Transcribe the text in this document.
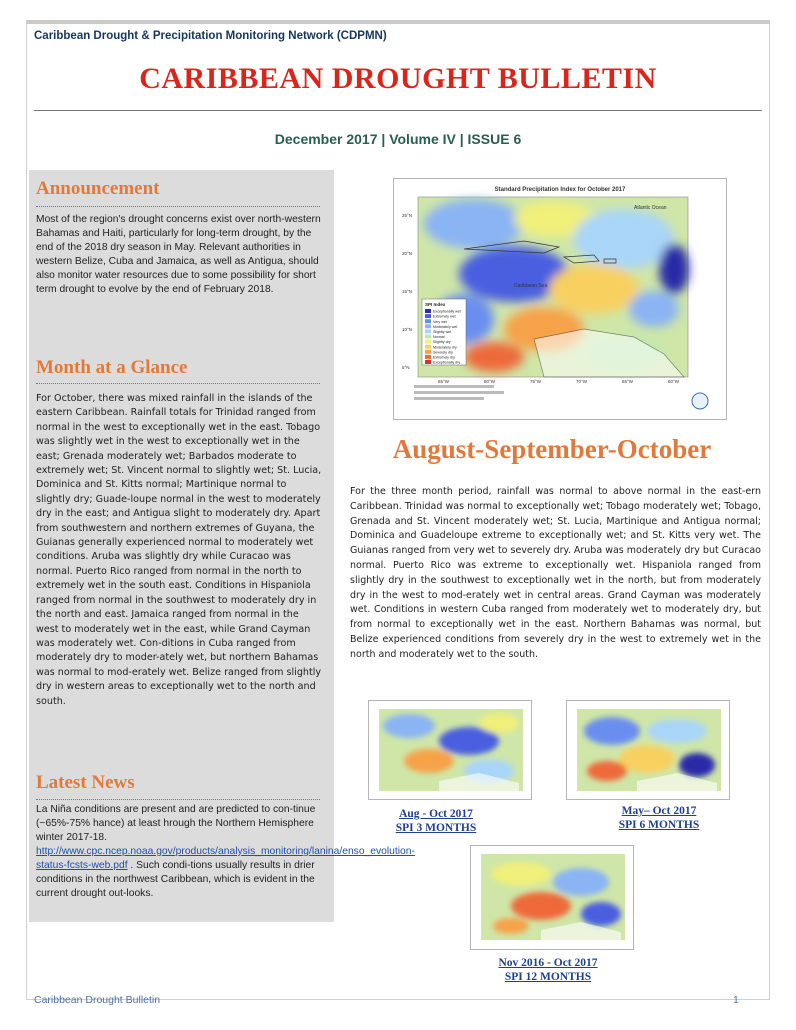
Caribbean Drought & Precipitation Monitoring Network (CDPMN)
CARIBBEAN DROUGHT BULLETIN
December 2017 | Volume IV | ISSUE 6
Announcement
Most of the region's drought concerns exist over north-western Bahamas and Haiti, particularly for long-term drought, by the end of the 2018 dry season in May. Relevant authorities in western Belize, Cuba and Jamaica, as well as Antigua, should also monitor water resources due to some possibility for short term drought to evolve by the end of February 2018.
Month at a Glance
For October, there was mixed rainfall in the islands of the eastern Caribbean. Rainfall totals for Trinidad ranged from normal in the west to exceptionally wet in the east. Tobago was slightly wet in the west to exceptionally wet in the east; Grenada moderately wet; Barbados moderate to extremely wet; St. Vincent normal to slightly wet; St. Lucia, Dominica and St. Kitts normal; Martinique normal to slightly dry; Guade-loupe normal in the west to moderately dry in the east; and Antigua slight to moderately dry. Apart from southwestern and northern extremes of Guyana, the Guianas generally experienced normal to moderately wet conditions. Aruba was slightly dry while Curacao was normal. Puerto Rico ranged from normal in the north to extremely wet in the south east. Conditions in Hispaniola ranged from normal in the southwest to moderately dry in the north and east. Jamaica ranged from normal in the west to moderately wet in the east, while Grand Cayman was moderately wet. Con-ditions in Cuba ranged from moderately dry to moder-ately wet, but northern Bahamas was normal to mod-erately wet. Belize ranged from slightly dry in western areas to exceptionally wet to the north and south.
Latest News
La Niña conditions are present and are predicted to con-tinue (~65%-75% hance) at least hrough the Northern Hemisphere winter 2017-18. http://www.cpc.ncep.noaa.gov/products/analysis_monitoring/lanina/enso_evolution-status-fcsts-web.pdf . Such condi-tions usually results in drier conditions in the northwest Caribbean, which is evident in the current drought out-looks.
Standard Precipitation Index for October 2017
Atlantic Ocean
Caribbean Sea
SPI Index
Exceptionally wet
Extremely wet
Very wet
Moderately wet
Slightly wet
Normal
Slightly dry
Moderately dry
Severely dry
Extremely dry
Exceptionally dry
85°W	80°W	75°W	70°W	65°W	60°W
25°N
20°N
15°N
10°N
5°N
August-September-October
For the three month period, rainfall was normal to above normal in the east-ern Caribbean. Trinidad was normal to exceptionally wet; Tobago moderately wet; Tobago, Grenada and St. Vincent moderately wet; St. Lucia, Martinique and Antigua normal; Dominica and Guadeloupe extreme to exceptionally wet; and St. Kitts very wet. The Guianas ranged from very wet to severely dry. Aruba was moderately dry but Curacao normal. Puerto Rico was extreme to exceptionally wet. Hispaniola ranged from slightly dry in the southwest to exceptionally wet in the north, but from moderately dry in the west to mod-erately wet in central areas. Grand Cayman was moderately wet. Conditions in western Cuba ranged from moderately wet to moderately dry, but from normal to exceptionally wet in the east. Northern Bahamas was normal, but Belize experienced conditions from severely dry in the west to extremely wet in the north and moderately wet to the south.
Aug - Oct 2017
SPI 3 MONTHS
May– Oct 2017
SPI 6 MONTHS
Nov 2016 - Oct 2017
SPI 12 MONTHS
Caribbean Drought Bulletin	1
